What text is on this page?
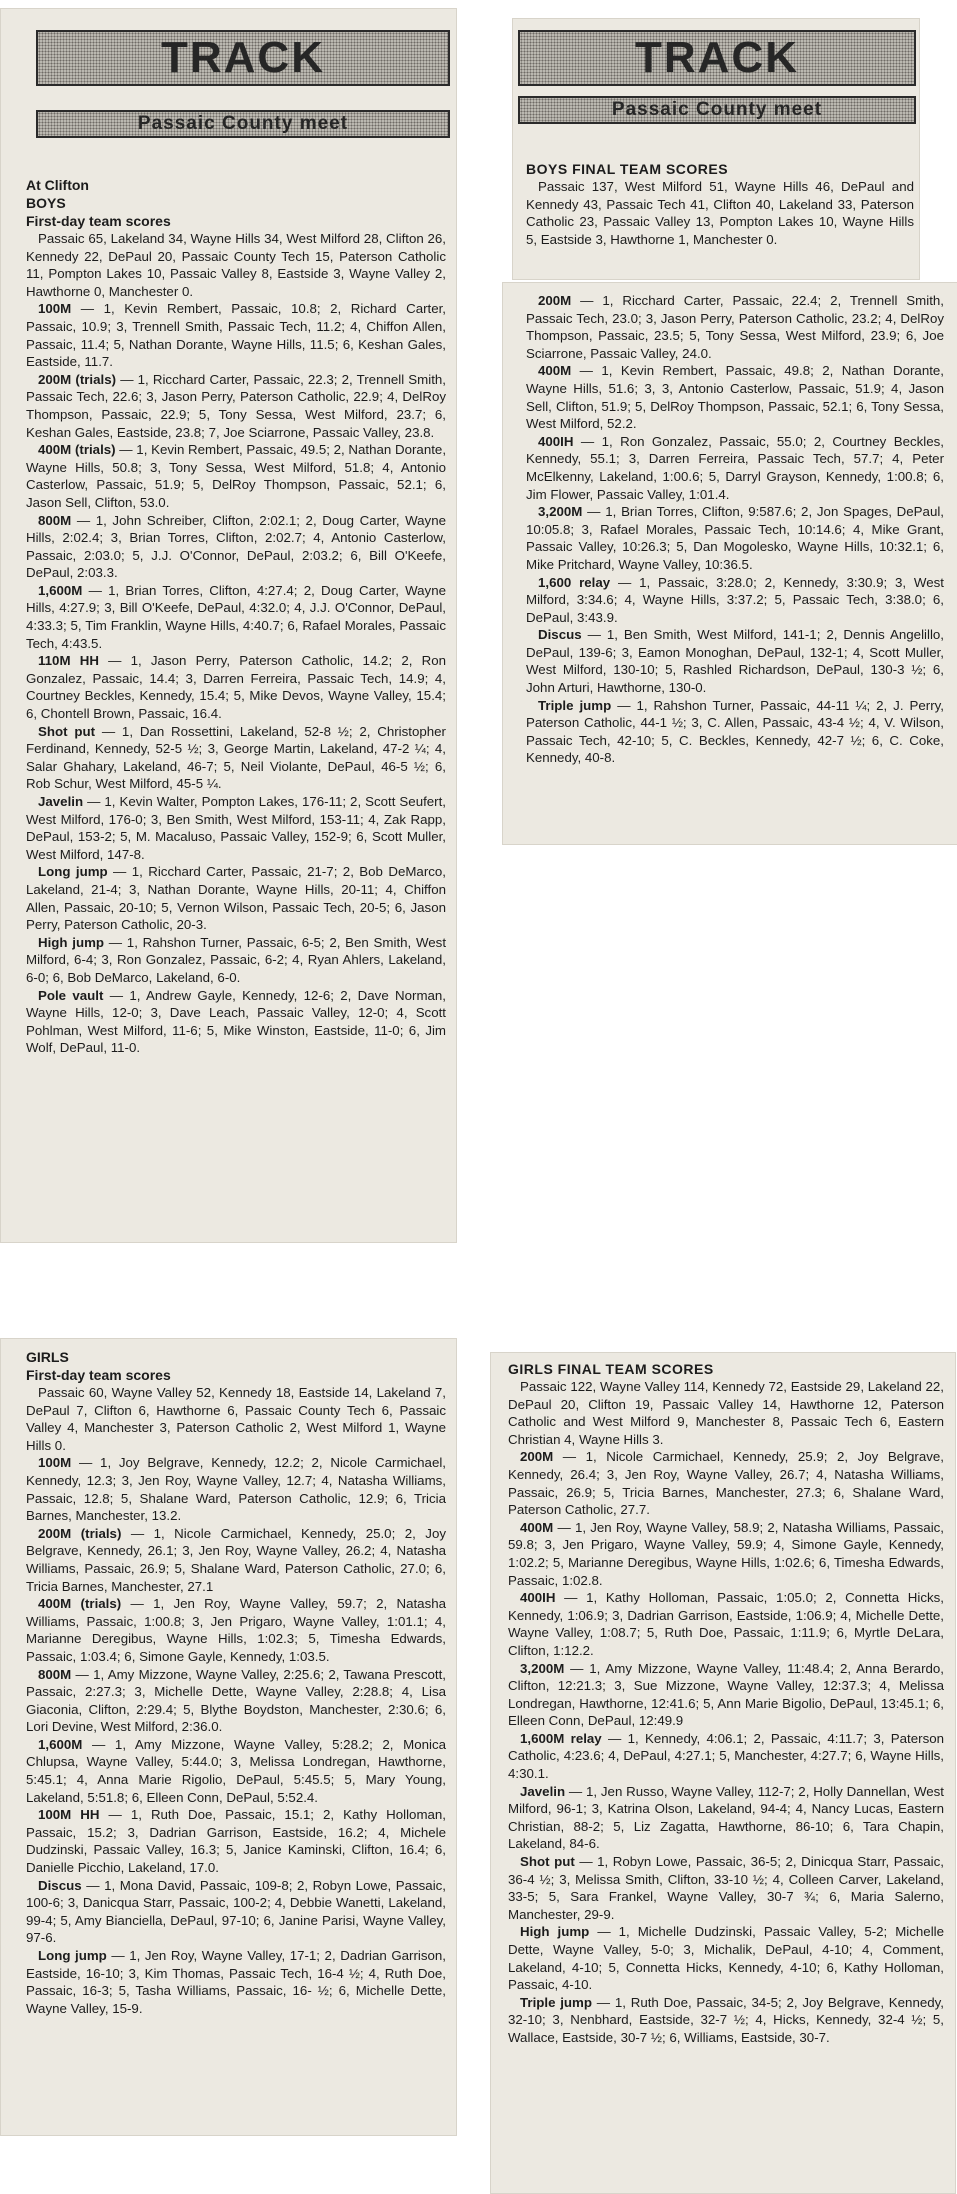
TRACK
Passaic County meet
At Clifton
BOYS
First-day team scores

Passaic 65, Lakeland 34, Wayne Hills 34, West Milford 28, Clifton 26, Kennedy 22, DePaul 20, Passaic County Tech 15, Paterson Catholic 11, Pompton Lakes 10, Passaic Valley 8, Eastside 3, Wayne Valley 2, Hawthorne 0, Manchester 0.

100M — 1, Kevin Rembert, Passaic, 10.8; 2, Richard Carter, Passaic, 10.9; 3, Trennell Smith, Passaic Tech, 11.2; 4, Chiffon Allen, Passaic, 11.4; 5, Nathan Dorante, Wayne Hills, 11.5; 6, Keshan Gales, Eastside, 11.7.

200M (trials) — 1, Ricchard Carter, Passaic, 22.3; 2, Trennell Smith, Passaic Tech, 22.6; 3, Jason Perry, Paterson Catholic, 22.9; 4, DelRoy Thompson, Passaic, 22.9; 5, Tony Sessa, West Milford, 23.7; 6, Keshan Gales, Eastside, 23.8; 7, Joe Sciarrone, Passaic Valley, 23.8.

400M (trials) — 1, Kevin Rembert, Passaic, 49.5; 2, Nathan Dorante, Wayne Hills, 50.8; 3, Tony Sessa, West Milford, 51.8; 4, Antonio Casterlow, Passaic, 51.9; 5, DelRoy Thompson, Passaic, 52.1; 6, Jason Sell, Clifton, 53.0.

800M — 1, John Schreiber, Clifton, 2:02.1; 2, Doug Carter, Wayne Hills, 2:02.4; 3, Brian Torres, Clifton, 2:02.7; 4, Antonio Casterlow, Passaic, 2:03.0; 5, J.J. O'Connor, DePaul, 2:03.2; 6, Bill O'Keefe, DePaul, 2:03.3.

1,600M — 1, Brian Torres, Clifton, 4:27.4; 2, Doug Carter, Wayne Hills, 4:27.9; 3, Bill O'Keefe, DePaul, 4:32.0; 4, J.J. O'Connor, DePaul, 4:33.3; 5, Tim Franklin, Wayne Hills, 4:40.7; 6, Rafael Morales, Passaic Tech, 4:43.5.

110M HH — 1, Jason Perry, Paterson Catholic, 14.2; 2, Ron Gonzalez, Passaic, 14.4; 3, Darren Ferreira, Passaic Tech, 14.9; 4, Courtney Beckles, Kennedy, 15.4; 5, Mike Devos, Wayne Valley, 15.4; 6, Chontell Brown, Passaic, 16.4.

Shot put — 1, Dan Rossettini, Lakeland, 52-8 ½; 2, Christopher Ferdinand, Kennedy, 52-5 ½; 3, George Martin, Lakeland, 47-2 ¼; 4, Salar Ghahary, Lakeland, 46-7; 5, Neil Violante, DePaul, 46-5 ½; 6, Rob Schur, West Milford, 45-5 ¼.

Javelin — 1, Kevin Walter, Pompton Lakes, 176-11; 2, Scott Seufert, West Milford, 176-0; 3, Ben Smith, West Milford, 153-11; 4, Zak Rapp, DePaul, 153-2; 5, M. Macaluso, Passaic Valley, 152-9; 6, Scott Muller, West Milford, 147-8.

Long jump — 1, Ricchard Carter, Passaic, 21-7; 2, Bob DeMarco, Lakeland, 21-4; 3, Nathan Dorante, Wayne Hills, 20-11; 4, Chiffon Allen, Passaic, 20-10; 5, Vernon Wilson, Passaic Tech, 20-5; 6, Jason Perry, Paterson Catholic, 20-3.

High jump — 1, Rahshon Turner, Passaic, 6-5; 2, Ben Smith, West Milford, 6-4; 3, Ron Gonzalez, Passaic, 6-2; 4, Ryan Ahlers, Lakeland, 6-0; 6, Bob DeMarco, Lakeland, 6-0.

Pole vault — 1, Andrew Gayle, Kennedy, 12-6; 2, Dave Norman, Wayne Hills, 12-0; 3, Dave Leach, Passaic Valley, 12-0; 4, Scott Pohlman, West Milford, 11-6; 5, Mike Winston, Eastside, 11-0; 6, Jim Wolf, DePaul, 11-0.

TRACK
Passaic County meet
BOYS FINAL TEAM SCORES

Passaic 137, West Milford 51, Wayne Hills 46, DePaul and Kennedy 43, Passaic Tech 41, Clifton 40, Lakeland 33, Paterson Catholic 23, Passaic Valley 13, Pompton Lakes 10, Wayne Hills 5, Eastside 3, Hawthorne 1, Manchester 0.

200M — 1, Ricchard Carter, Passaic, 22.4; 2, Trennell Smith, Passaic Tech, 23.0; 3, Jason Perry, Paterson Catholic, 23.2; 4, DelRoy Thompson, Passaic, 23.5; 5, Tony Sessa, West Milford, 23.9; 6, Joe Sciarrone, Passaic Valley, 24.0.

400M — 1, Kevin Rembert, Passaic, 49.8; 2, Nathan Dorante, Wayne Hills, 51.6; 3, 3, Antonio Casterlow, Passaic, 51.9; 4, Jason Sell, Clifton, 51.9; 5, DelRoy Thompson, Passaic, 52.1; 6, Tony Sessa, West Milford, 52.2.

400IH — 1, Ron Gonzalez, Passaic, 55.0; 2, Courtney Beckles, Kennedy, 55.1; 3, Darren Ferreira, Passaic Tech, 57.7; 4, Peter McElkenny, Lakeland, 1:00.6; 5, Darryl Grayson, Kennedy, 1:00.8; 6, Jim Flower, Passaic Valley, 1:01.4.

3,200M — 1, Brian Torres, Clifton, 9:587.6; 2, Jon Spages, DePaul, 10:05.8; 3, Rafael Morales, Passaic Tech, 10:14.6; 4, Mike Grant, Passaic Valley, 10:26.3; 5, Dan Mogolesko, Wayne Hills, 10:32.1; 6, Mike Pritchard, Wayne Valley, 10:36.5.

1,600 relay — 1, Passaic, 3:28.0; 2, Kennedy, 3:30.9; 3, West Milford, 3:34.6; 4, Wayne Hills, 3:37.2; 5, Passaic Tech, 3:38.0; 6, DePaul, 3:43.9.

Discus — 1, Ben Smith, West Milford, 141-1; 2, Dennis Angelillo, DePaul, 139-6; 3, Eamon Monoghan, DePaul, 132-1; 4, Scott Muller, West Milford, 130-10; 5, Rashled Richardson, DePaul, 130-3 ½; 6, John Arturi, Hawthorne, 130-0.

Triple jump — 1, Rahshon Turner, Passaic, 44-11 ¼; 2, J. Perry, Paterson Catholic, 44-1 ½; 3, C. Allen, Passaic, 43-4 ½; 4, V. Wilson, Passaic Tech, 42-10; 5, C. Beckles, Kennedy, 42-7 ½; 6, C. Coke, Kennedy, 40-8.

GIRLS
First-day team scores

Passaic 60, Wayne Valley 52, Kennedy 18, Eastside 14, Lakeland 7, DePaul 7, Clifton 6, Hawthorne 6, Passaic County Tech 6, Passaic Valley 4, Manchester 3, Paterson Catholic 2, West Milford 1, Wayne Hills 0.

100M — 1, Joy Belgrave, Kennedy, 12.2; 2, Nicole Carmichael, Kennedy, 12.3; 3, Jen Roy, Wayne Valley, 12.7; 4, Natasha Williams, Passaic, 12.8; 5, Shalane Ward, Paterson Catholic, 12.9; 6, Tricia Barnes, Manchester, 13.2.

200M (trials) — 1, Nicole Carmichael, Kennedy, 25.0; 2, Joy Belgrave, Kennedy, 26.1; 3, Jen Roy, Wayne Valley, 26.2; 4, Natasha Williams, Passaic, 26.9; 5, Shalane Ward, Paterson Catholic, 27.0; 6, Tricia Barnes, Manchester, 27.1

400M (trials) — 1, Jen Roy, Wayne Valley, 59.7; 2, Natasha Williams, Passaic, 1:00.8; 3, Jen Prigaro, Wayne Valley, 1:01.1; 4, Marianne Deregibus, Wayne Hills, 1:02.3; 5, Timesha Edwards, Passaic, 1:03.4; 6, Simone Gayle, Kennedy, 1:03.5.

800M — 1, Amy Mizzone, Wayne Valley, 2:25.6; 2, Tawana Prescott, Passaic, 2:27.3; 3, Michelle Dette, Wayne Valley, 2:28.8; 4, Lisa Giaconia, Clifton, 2:29.4; 5, Blythe Boydston, Manchester, 2:30.6; 6, Lori Devine, West Milford, 2:36.0.

1,600M — 1, Amy Mizzone, Wayne Valley, 5:28.2; 2, Monica Chlupsa, Wayne Valley, 5:44.0; 3, Melissa Londregan, Hawthorne, 5:45.1; 4, Anna Marie Rigolio, DePaul, 5:45.5; 5, Mary Young, Lakeland, 5:51.8; 6, Elleen Conn, DePaul, 5:52.4.

100M HH — 1, Ruth Doe, Passaic, 15.1; 2, Kathy Holloman, Passaic, 15.2; 3, Dadrian Garrison, Eastside, 16.2; 4, Michele Dudzinski, Passaic Valley, 16.3; 5, Janice Kaminski, Clifton, 16.4; 6, Danielle Picchio, Lakeland, 17.0.

Discus — 1, Mona David, Passaic, 109-8; 2, Robyn Lowe, Passaic, 100-6; 3, Danicqua Starr, Passaic, 100-2; 4, Debbie Wanetti, Lakeland, 99-4; 5, Amy Bianciella, DePaul, 97-10; 6, Janine Parisi, Wayne Valley, 97-6.

Long jump — 1, Jen Roy, Wayne Valley, 17-1; 2, Dadrian Garrison, Eastside, 16-10; 3, Kim Thomas, Passaic Tech, 16-4 ½; 4, Ruth Doe, Passaic, 16-3; 5, Tasha Williams, Passaic, 16- ½; 6, Michelle Dette, Wayne Valley, 15-9.

GIRLS FINAL TEAM SCORES

Passaic 122, Wayne Valley 114, Kennedy 72, Eastside 29, Lakeland 22, DePaul 20, Clifton 19, Passaic Valley 14, Hawthorne 12, Paterson Catholic and West Milford 9, Manchester 8, Passaic Tech 6, Eastern Christian 4, Wayne Hills 3.

200M — 1, Nicole Carmichael, Kennedy, 25.9; 2, Joy Belgrave, Kennedy, 26.4; 3, Jen Roy, Wayne Valley, 26.7; 4, Natasha Williams, Passaic, 26.9; 5, Tricia Barnes, Manchester, 27.3; 6, Shalane Ward, Paterson Catholic, 27.7.

400M — 1, Jen Roy, Wayne Valley, 58.9; 2, Natasha Williams, Passaic, 59.8; 3, Jen Prigaro, Wayne Valley, 59.9; 4, Simone Gayle, Kennedy, 1:02.2; 5, Marianne Deregibus, Wayne Hills, 1:02.6; 6, Timesha Edwards, Passaic, 1:02.8.

400IH — 1, Kathy Holloman, Passaic, 1:05.0; 2, Connetta Hicks, Kennedy, 1:06.9; 3, Dadrian Garrison, Eastside, 1:06.9; 4, Michelle Dette, Wayne Valley, 1:08.7; 5, Ruth Doe, Passaic, 1:11.9; 6, Myrtle DeLara, Clifton, 1:12.2.

3,200M — 1, Amy Mizzone, Wayne Valley, 11:48.4; 2, Anna Berardo, Clifton, 12:21.3; 3, Sue Mizzone, Wayne Valley, 12:37.3; 4, Melissa Londregan, Hawthorne, 12:41.6; 5, Ann Marie Bigolio, DePaul, 13:45.1; 6, Elleen Conn, DePaul, 12:49.9

1,600M relay — 1, Kennedy, 4:06.1; 2, Passaic, 4:11.7; 3, Paterson Catholic, 4:23.6; 4, DePaul, 4:27.1; 5, Manchester, 4:27.7; 6, Wayne Hills, 4:30.1.

Javelin — 1, Jen Russo, Wayne Valley, 112-7; 2, Holly Dannellan, West Milford, 96-1; 3, Katrina Olson, Lakeland, 94-4; 4, Nancy Lucas, Eastern Christian, 88-2; 5, Liz Zagatta, Hawthorne, 86-10; 6, Tara Chapin, Lakeland, 84-6.

Shot put — 1, Robyn Lowe, Passaic, 36-5; 2, Dinicqua Starr, Passaic, 36-4 ½; 3, Melissa Smith, Clifton, 33-10 ½; 4, Colleen Carver, Lakeland, 33-5; 5, Sara Frankel, Wayne Valley, 30-7 ¾; 6, Maria Salerno, Manchester, 29-9.

High jump — 1, Michelle Dudzinski, Passaic Valley, 5-2; Michelle Dette, Wayne Valley, 5-0; 3, Michalik, DePaul, 4-10; 4, Comment, Lakeland, 4-10; 5, Connetta Hicks, Kennedy, 4-10; 6, Kathy Holloman, Passaic, 4-10.

Triple jump — 1, Ruth Doe, Passaic, 34-5; 2, Joy Belgrave, Kennedy, 32-10; 3, Nenbhard, Eastside, 32-7 ½; 4, Hicks, Kennedy, 32-4 ½; 5, Wallace, Eastside, 30-7 ½; 6, Williams, Eastside, 30-7.
